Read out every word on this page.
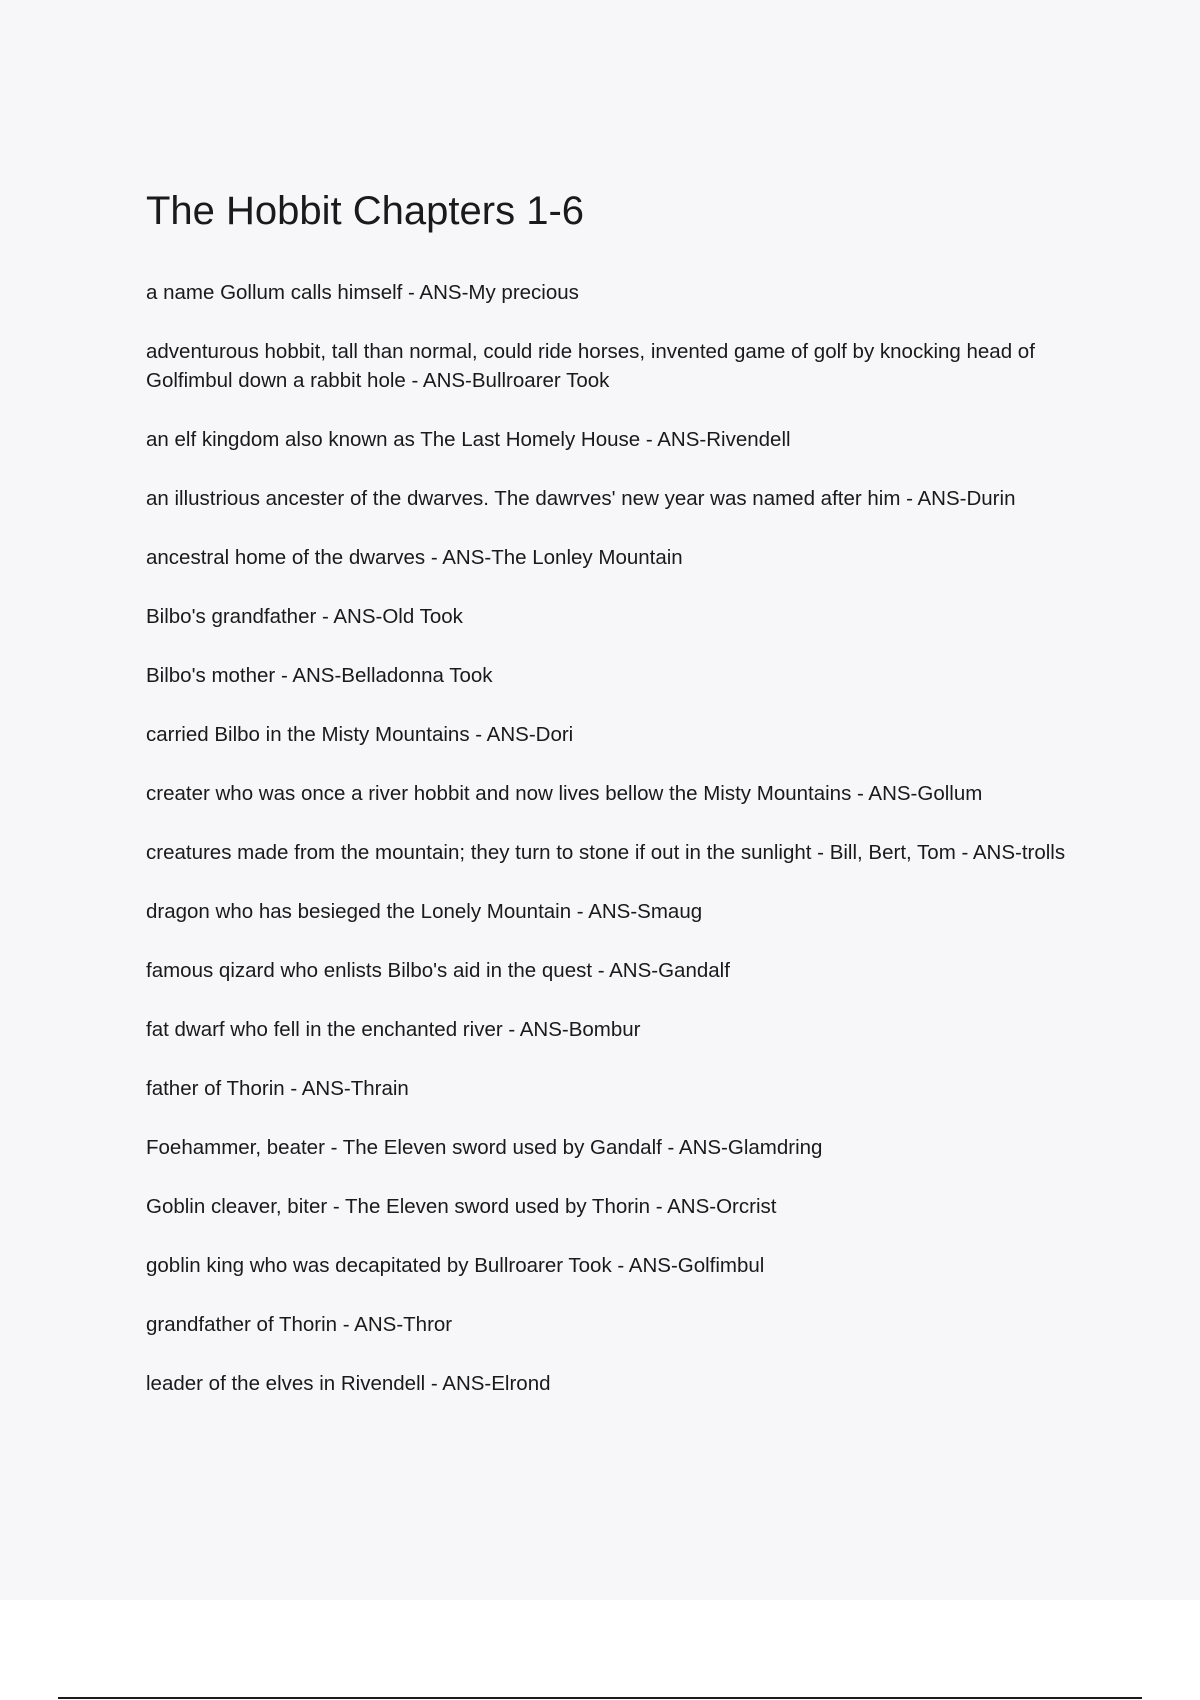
The Hobbit Chapters 1-6
a name Gollum calls himself - ANS-My precious
adventurous hobbit, tall than normal, could ride horses, invented game of golf by knocking head of Golfimbul down a rabbit hole - ANS-Bullroarer Took
an elf kingdom also known as The Last Homely House - ANS-Rivendell
an illustrious ancester of the dwarves. The dawrves' new year was named after him - ANS-Durin
ancestral home of the dwarves - ANS-The Lonley Mountain
Bilbo's grandfather - ANS-Old Took
Bilbo's mother - ANS-Belladonna Took
carried Bilbo in the Misty Mountains - ANS-Dori
creater who was once a river hobbit and now lives bellow the Misty Mountains - ANS-Gollum
creatures made from the mountain; they turn to stone if out in the sunlight - Bill, Bert, Tom - ANS-trolls
dragon who has besieged the Lonely Mountain - ANS-Smaug
famous qizard who enlists Bilbo's aid in the quest - ANS-Gandalf
fat dwarf who fell in the enchanted river - ANS-Bombur
father of Thorin - ANS-Thrain
Foehammer, beater - The Eleven sword used by Gandalf - ANS-Glamdring
Goblin cleaver, biter - The Eleven sword used by Thorin - ANS-Orcrist
goblin king who was decapitated by Bullroarer Took - ANS-Golfimbul
grandfather of Thorin - ANS-Thror
leader of the elves in Rivendell - ANS-Elrond
